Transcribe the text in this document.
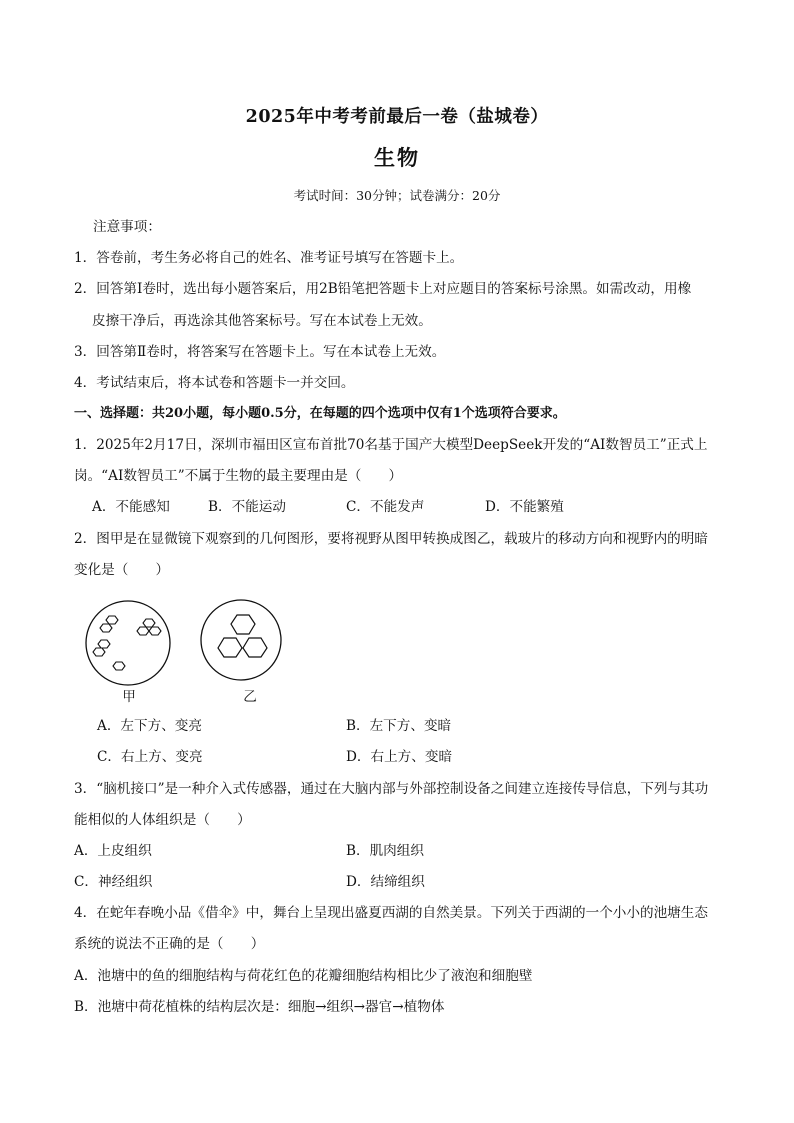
2025年中考考前最后一卷（盐城卷）
生物
考试时间：30分钟；试卷满分：20分
注意事项：
1．答卷前，考生务必将自己的姓名、准考证号填写在答题卡上。
2．回答第Ⅰ卷时，选出每小题答案后，用2B铅笔把答题卡上对应题目的答案标号涂黑。如需改动，用橡
皮擦干净后，再选涂其他答案标号。写在本试卷上无效。
3．回答第Ⅱ卷时，将答案写在答题卡上。写在本试卷上无效。
4．考试结束后，将本试卷和答题卡一并交回。
一、选择题：共20小题，每小题0.5分，在每题的四个选项中仅有1个选项符合要求。
1．2025年2月17日，深圳市福田区宣布首批70名基于国产大模型DeepSeek开发的“AI数智员工”正式上
岗。“AI数智员工”不属于生物的最主要理由是（　　）
A．不能感知	B．不能运动	C．不能发声	D．不能繁殖
2．图甲是在显微镜下观察到的几何图形，要将视野从图甲转换成图乙，载玻片的移动方向和视野内的明暗
变化是（　　）
甲	乙
A．左下方、变亮	B．左下方、变暗
C．右上方、变亮	D．右上方、变暗
3．“脑机接口”是一种介入式传感器，通过在大脑内部与外部控制设备之间建立连接传导信息，下列与其功
能相似的人体组织是（　　）
A．上皮组织	B．肌肉组织
C．神经组织	D．结缔组织
4．在蛇年春晚小品《借伞》中，舞台上呈现出盛夏西湖的自然美景。下列关于西湖的一个小小的池塘生态
系统的说法不正确的是（　　）
A．池塘中的鱼的细胞结构与荷花红色的花瓣细胞结构相比少了液泡和细胞壁
B．池塘中荷花植株的结构层次是：细胞→组织→器官→植物体
